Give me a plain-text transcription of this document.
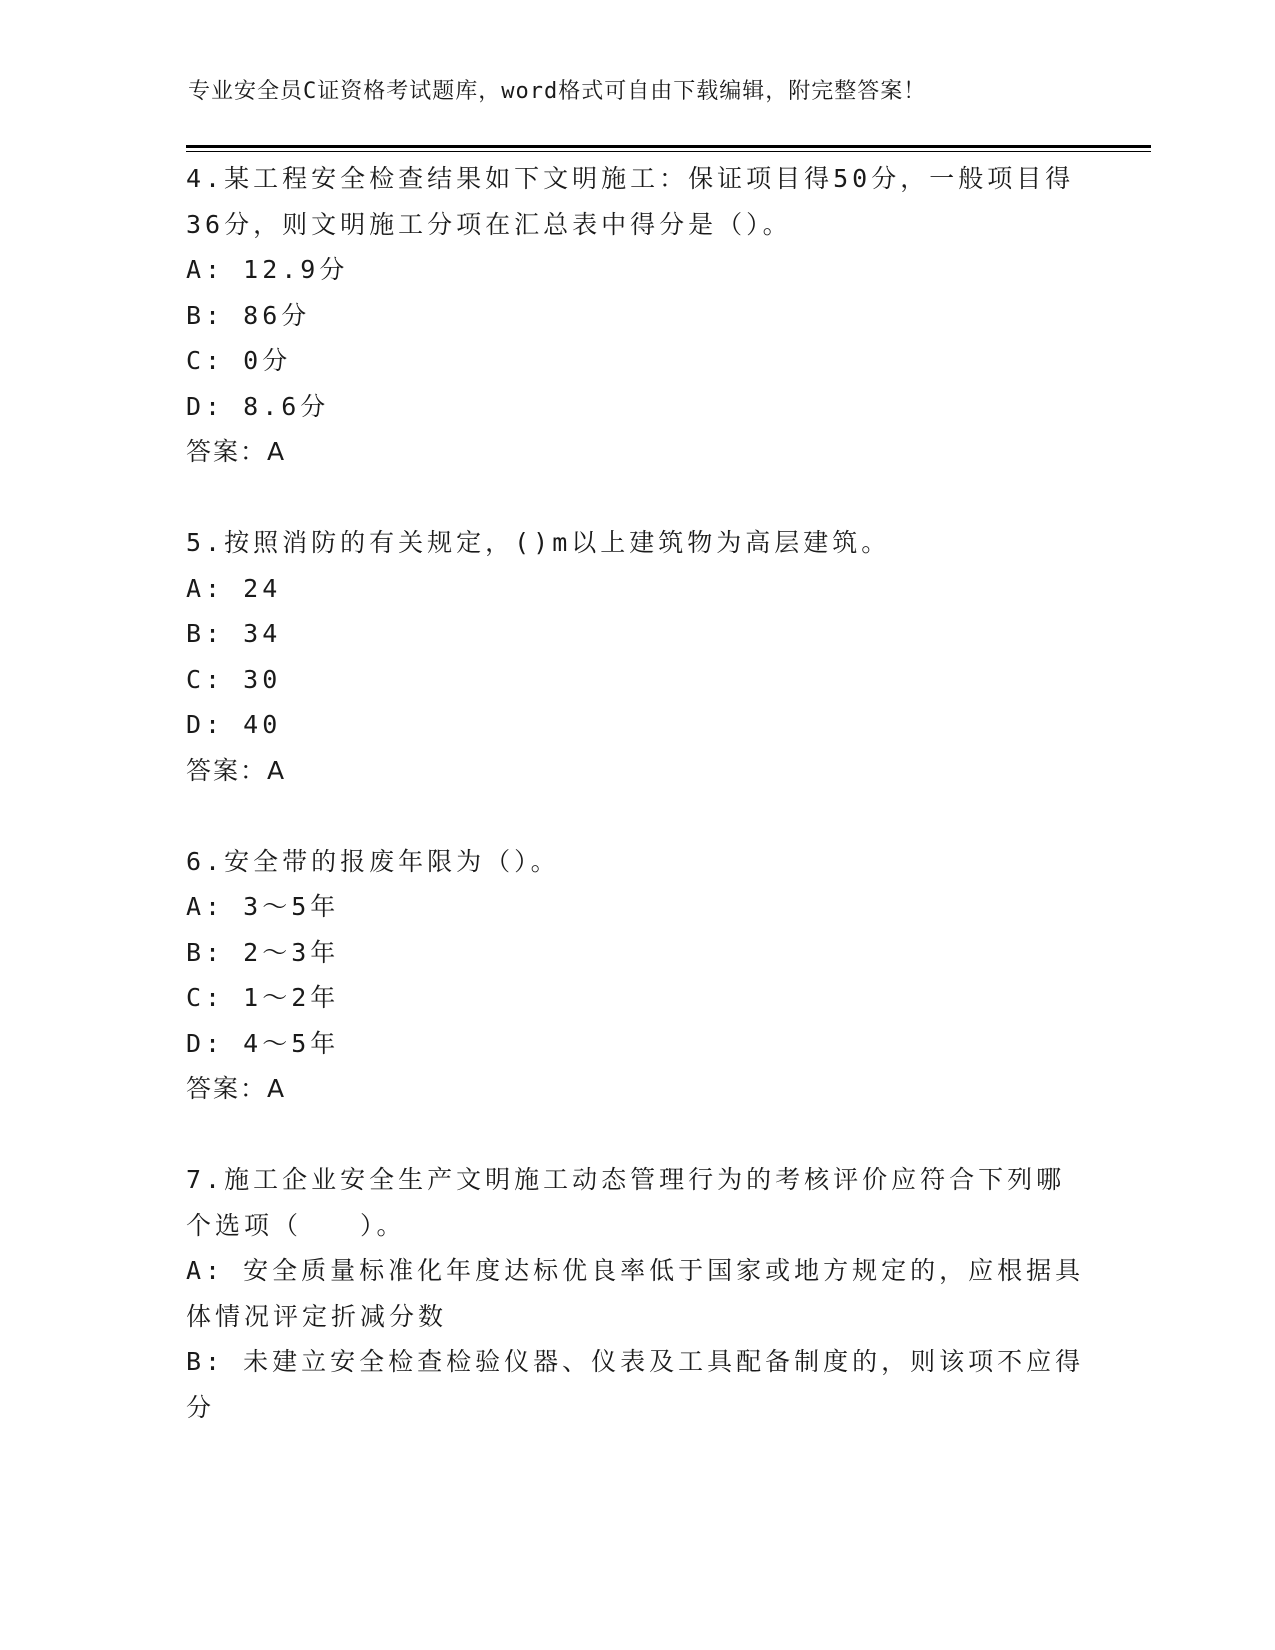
专业安全员C证资格考试题库，word格式可自由下载编辑，附完整答案！

4.某工程安全检查结果如下文明施工：保证项目得50分，一般项目得36分，则文明施工分项在汇总表中得分是（）。

A: 12.9分

B: 86分

C: 0分

D: 8.6分

答案：A

5.按照消防的有关规定，()m以上建筑物为高层建筑。

A: 24

B: 34

C: 30

D: 40

答案：A

6.安全带的报废年限为（）。

A: 3～5年

B: 2～3年

C: 1～2年

D: 4～5年

答案：A

7.施工企业安全生产文明施工动态管理行为的考核评价应符合下列哪个选项（　　）。

A: 安全质量标准化年度达标优良率低于国家或地方规定的，应根据具体情况评定折减分数

B: 未建立安全检查检验仪器、仪表及工具配备制度的，则该项不应得分
